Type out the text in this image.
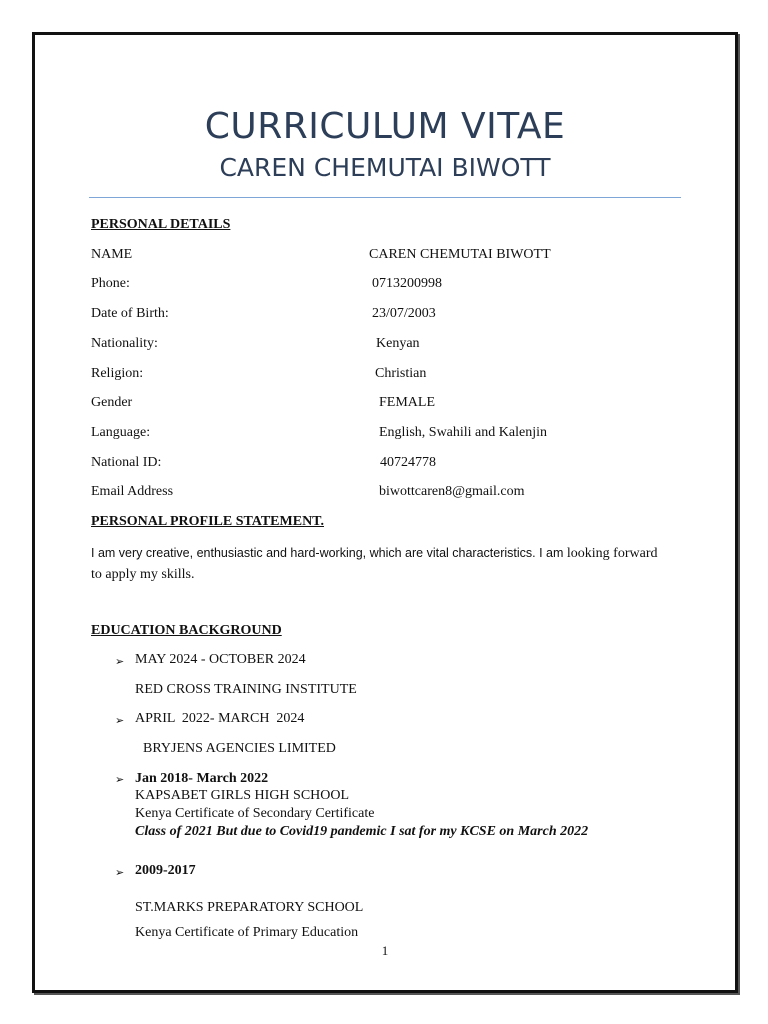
CURRICULUM VITAE
CAREN CHEMUTAI BIWOTT
PERSONAL DETAILS
NAME	CAREN CHEMUTAI BIWOTT
Phone:	0713200998
Date of Birth:	23/07/2003
Nationality:	Kenyan
Religion:	Christian
Gender	FEMALE
Language:	English, Swahili and Kalenjin
National ID:	40724778
Email Address	biwottcaren8@gmail.com
PERSONAL PROFILE STATEMENT.
I am very creative, enthusiastic and hard-working, which are vital characteristics. I am looking forward
to apply my skills.
EDUCATION BACKGROUND
➢ MAY 2024 - OCTOBER 2024
RED CROSS TRAINING INSTITUTE
➢ APRIL  2022- MARCH  2024
BRYJENS AGENCIES LIMITED
➢ Jan 2018- March 2022
KAPSABET GIRLS HIGH SCHOOL
Kenya Certificate of Secondary Certificate
Class of 2021 But due to Covid19 pandemic I sat for my KCSE on March 2022
➢ 2009-2017
ST.MARKS PREPARATORY SCHOOL
Kenya Certificate of Primary Education
1
